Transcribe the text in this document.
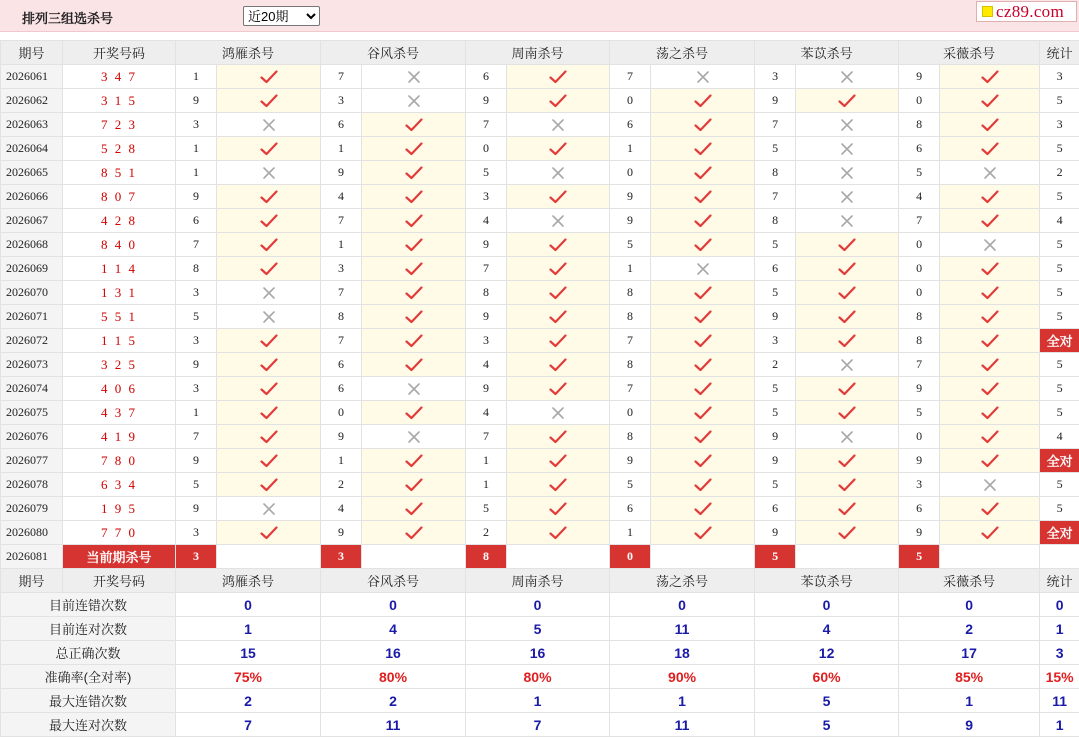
排列三组选杀号
近20期	cz89.com
期号	开奖号码	鸿雁杀号		谷风杀号		周南杀号		荡之杀号		苯苡杀号		采薇杀号		统计
2026061	3 4 7	1		7		6		7		3		9		3
2026062	3 1 5	9		3		9		0		9		0		5
2026063	7 2 3	3		6		7		6		7		8		3
2026064	5 2 8	1		1		0		1		5		6		5
2026065	8 5 1	1		9		5		0		8		5		2
2026066	8 0 7	9		4		3		9		7		4		5
2026067	4 2 8	6		7		4		9		8		7		4
2026068	8 4 0	7		1		9		5		5		0		5
2026069	1 1 4	8		3		7		1		6		0		5
2026070	1 3 1	3		7		8		8		5		0		5
2026071	5 5 1	5		8		9		8		9		8		5
2026072	1 1 5	3		7		3		7		3		8		全对
2026073	3 2 5	9		6		4		8		2		7		5
2026074	4 0 6	3		6		9		7		5		9		5
2026075	4 3 7	1		0		4		0		5		5		5
2026076	4 1 9	7		9		7		8		9		0		4
2026077	7 8 0	9		1		1		9		9		9		全对
2026078	6 3 4	5		2		1		5		5		3		5
2026079	1 9 5	9		4		5		6		6		6		5
2026080	7 7 0	3		9		2		1		9		9		全对
2026081	当前期杀号	3		3		8		0		5		5		
期号	开奖号码	鸿雁杀号		谷风杀号		周南杀号		荡之杀号		苯苡杀号		采薇杀号		统计
目前连错次数		0		0		0		0		0		0		0
目前连对次数		1		4		5		11		4		2		1
总正确次数		15		16		16		18		12		17		3
准确率(全对率)		75%		80%		80%		90%		60%		85%		15%
最大连错次数		2		2		1		1		5		1		11
最大连对次数		7		11		7		11		5		9		1
